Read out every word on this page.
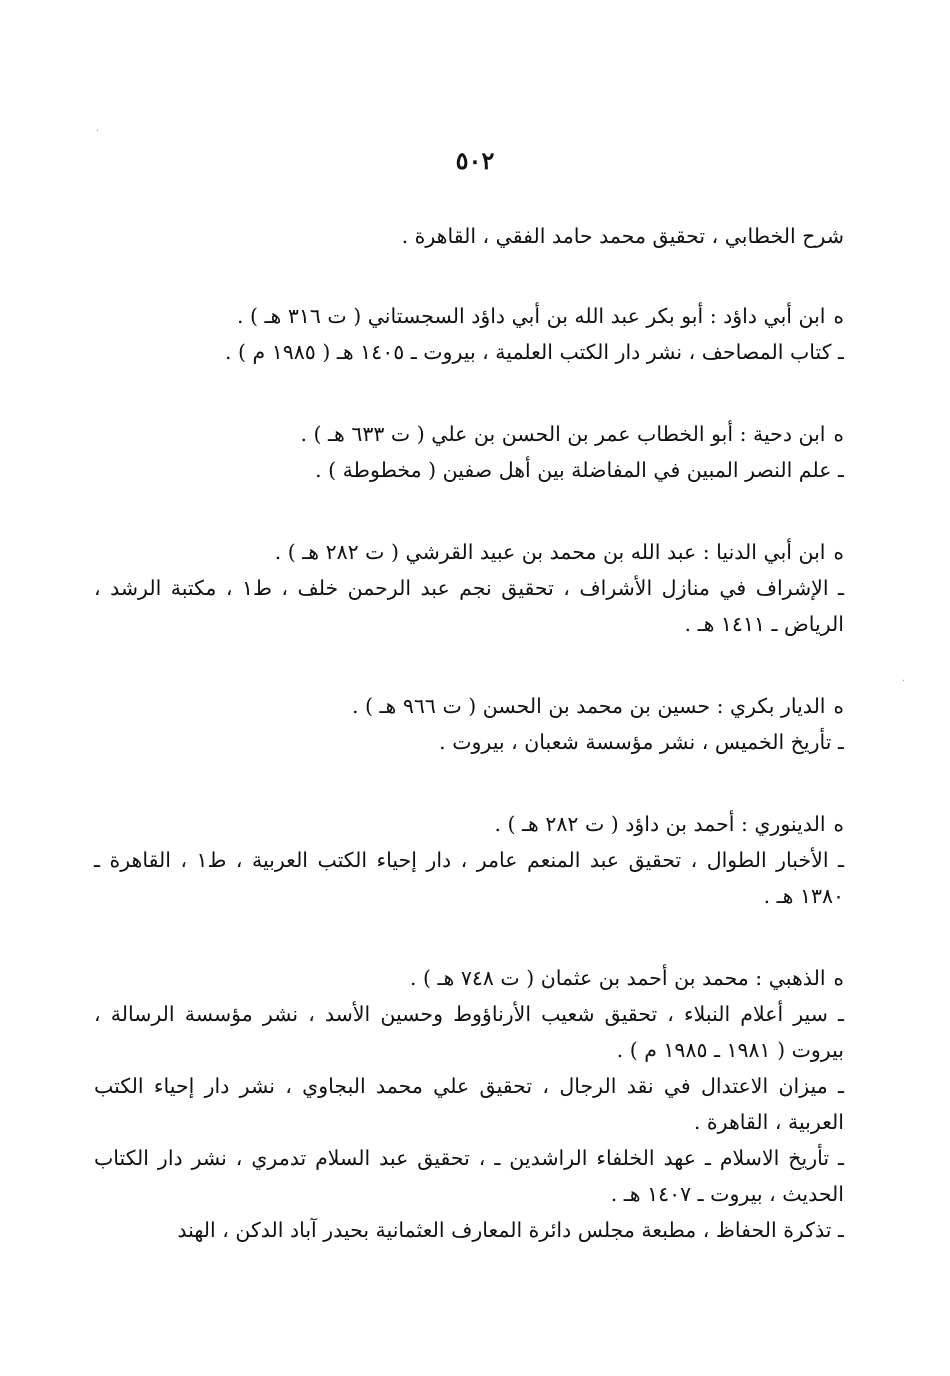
٥٠٢
شرح الخطابي ، تحقيق محمد حامد الفقي ، القاهرة .
هابن أبي داؤد : أبو بكر عبد الله بن أبي داؤد السجستاني ( ت ٣١٦ هـ ) .
ـ كتاب المصاحف ، نشر دار الكتب العلمية ، بيروت ـ ١٤٠٥ هـ ( ١٩٨٥ م ) .
هابن دحية : أبو الخطاب عمر بن الحسن بن علي ( ت ٦٣٣ هـ ) .
ـ علم النصر المبين في المفاضلة بين أهل صفين ( مخطوطة ) .
هابن أبي الدنيا : عبد الله بن محمد بن عبيد القرشي ( ت ٢٨٢ هـ ) .
ـ الإشراف في منازل الأشراف ، تحقيق نجم عبد الرحمن خلف ، ط١ ، مكتبة الرشد ، الرياض ـ ١٤١١ هـ .
هالديار بكري : حسين بن محمد بن الحسن ( ت ٩٦٦ هـ ) .
ـ تأريخ الخميس ، نشر مؤسسة شعبان ، بيروت .
هالدينوري : أحمد بن داؤد ( ت ٢٨٢ هـ ) .
ـ الأخبار الطوال ، تحقيق عبد المنعم عامر ، دار إحياء الكتب العربية ، ط١ ، القاهرة ـ ١٣٨٠ هـ .
هالذهبي : محمد بن أحمد بن عثمان ( ت ٧٤٨ هـ ) .
ـ سير أعلام النبلاء ، تحقيق شعيب الأرناؤوط وحسين الأسد ، نشر مؤسسة الرسالة ، بيروت ( ١٩٨١ ـ ١٩٨٥ م ) .
ـ ميزان الاعتدال في نقد الرجال ، تحقيق علي محمد البجاوي ، نشر دار إحياء الكتب العربية ، القاهرة .
ـ تأريخ الاسلام ـ عهد الخلفاء الراشدين ـ ، تحقيق عبد السلام تدمري ، نشر دار الكتاب الحديث ، بيروت ـ ١٤٠٧ هـ .
ـ تذكرة الحفاظ ، مطبعة مجلس دائرة المعارف العثمانية بحيدر آباد الدكن ، الهند
·
·
